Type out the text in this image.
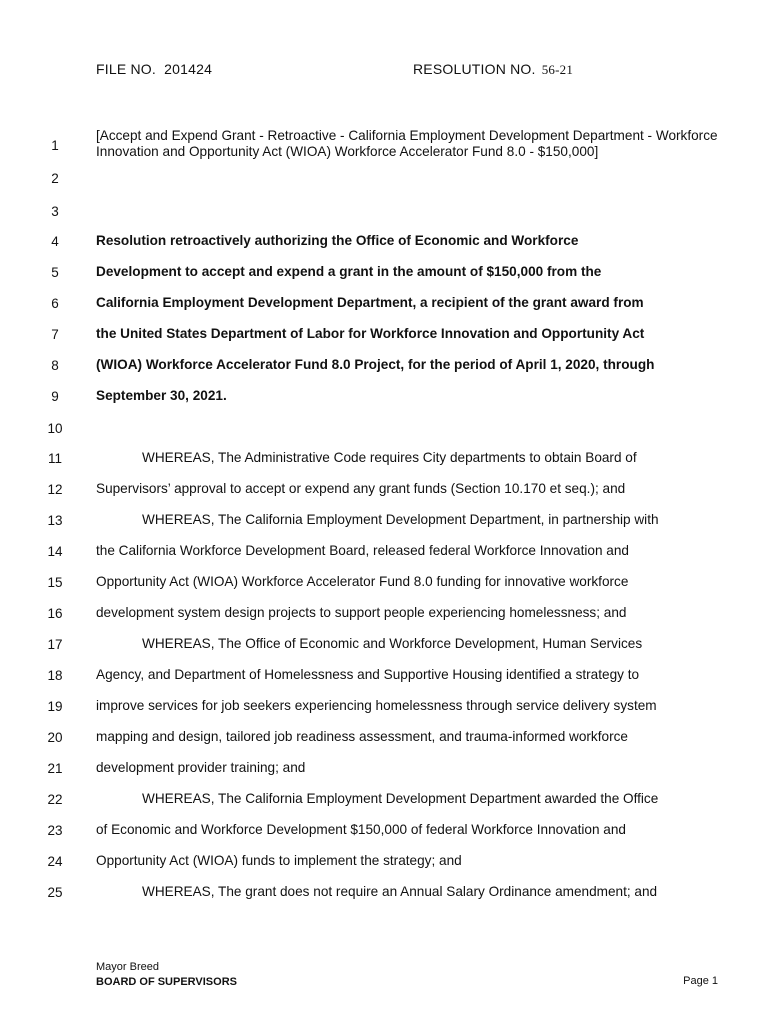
FILE NO. 201424	RESOLUTION NO. 56-21
[Accept and Expend Grant - Retroactive - California Employment Development Department - Workforce Innovation and Opportunity Act (WIOA) Workforce Accelerator Fund 8.0 - $150,000]
1
2
3
4	Resolution retroactively authorizing the Office of Economic and Workforce
5	Development to accept and expend a grant in the amount of $150,000 from the
6	California Employment Development Department, a recipient of the grant award from
7	the United States Department of Labor for Workforce Innovation and Opportunity Act
8	(WIOA) Workforce Accelerator Fund 8.0 Project, for the period of April 1, 2020, through
9	September 30, 2021.
10
11	WHEREAS, The Administrative Code requires City departments to obtain Board of
12	Supervisors’ approval to accept or expend any grant funds (Section 10.170 et seq.); and
13	WHEREAS, The California Employment Development Department, in partnership with
14	the California Workforce Development Board, released federal Workforce Innovation and
15	Opportunity Act (WIOA) Workforce Accelerator Fund 8.0 funding for innovative workforce
16	development system design projects to support people experiencing homelessness; and
17	WHEREAS, The Office of Economic and Workforce Development, Human Services
18	Agency, and Department of Homelessness and Supportive Housing identified a strategy to
19	improve services for job seekers experiencing homelessness through service delivery system
20	mapping and design, tailored job readiness assessment, and trauma-informed workforce
21	development provider training; and
22	WHEREAS, The California Employment Development Department awarded the Office
23	of Economic and Workforce Development $150,000 of federal Workforce Innovation and
24	Opportunity Act (WIOA) funds to implement the strategy; and
25	WHEREAS, The grant does not require an Annual Salary Ordinance amendment; and
Mayor Breed
BOARD OF SUPERVISORS	Page 1
